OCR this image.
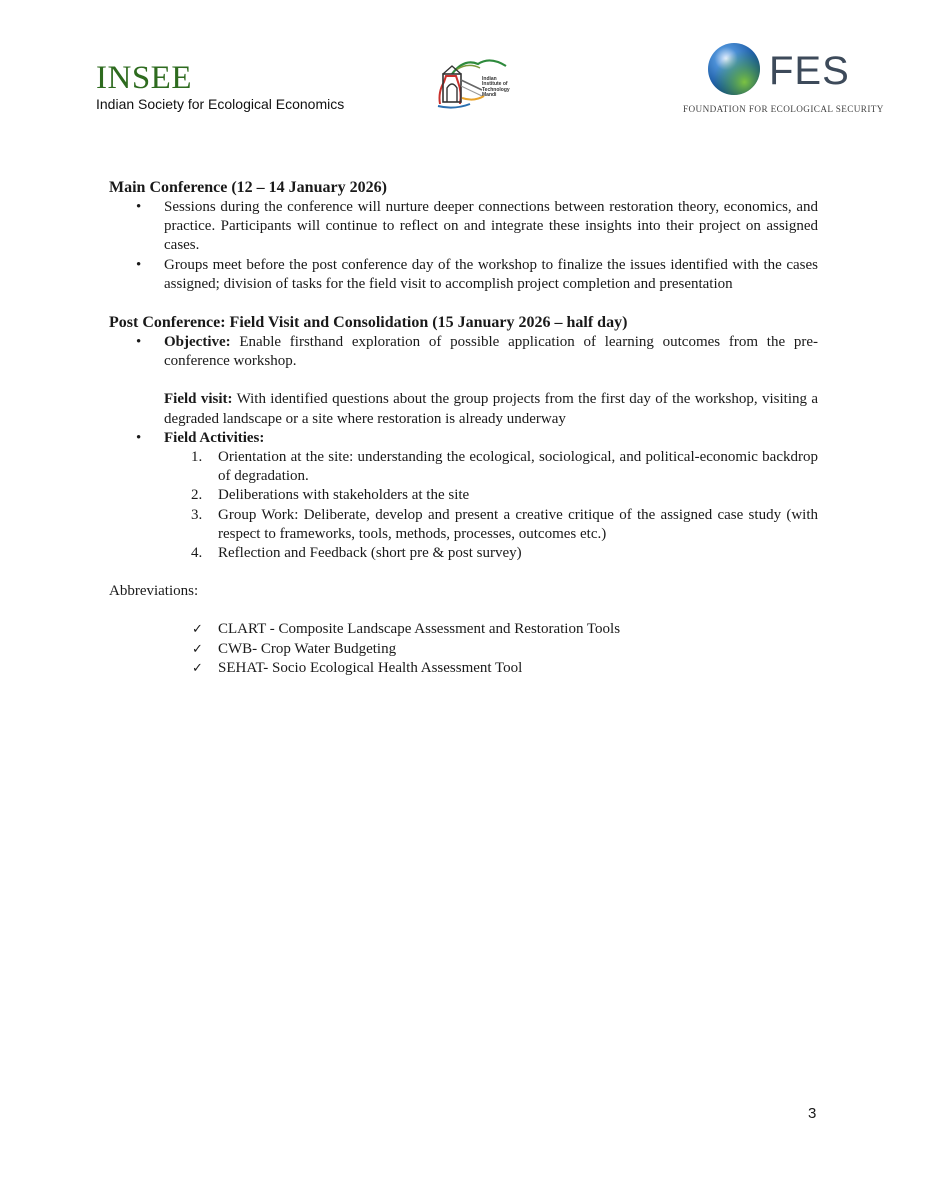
INSEE
Indian Society for Ecological Economics
Indian
Institute of
Technology
Mandi
FES
FOUNDATION FOR ECOLOGICAL SECURITY
Main Conference (12 – 14 January 2026)
• Sessions during the conference will nurture deeper connections between restoration theory, economics, and practice. Participants will continue to reflect on and integrate these insights into their project on assigned cases.
• Groups meet before the post conference day of the workshop to finalize the issues identified with the cases assigned; division of tasks for the field visit to accomplish project completion and presentation
Post Conference: Field Visit and Consolidation (15 January 2026 – half day)
• Objective: Enable firsthand exploration of possible application of learning outcomes from the pre-conference workshop.
Field visit: With identified questions about the group projects from the first day of the workshop, visiting a degraded landscape or a site where restoration is already underway
• Field Activities:
1. Orientation at the site: understanding the ecological, sociological, and political-economic backdrop of degradation.
2. Deliberations with stakeholders at the site
3. Group Work: Deliberate, develop and present a creative critique of the assigned case study (with respect to frameworks, tools, methods, processes, outcomes etc.)
4. Reflection and Feedback (short pre & post survey)
Abbreviations:
✓ CLART - Composite Landscape Assessment and Restoration Tools
✓ CWB- Crop Water Budgeting
✓ SEHAT- Socio Ecological Health Assessment Tool
3
